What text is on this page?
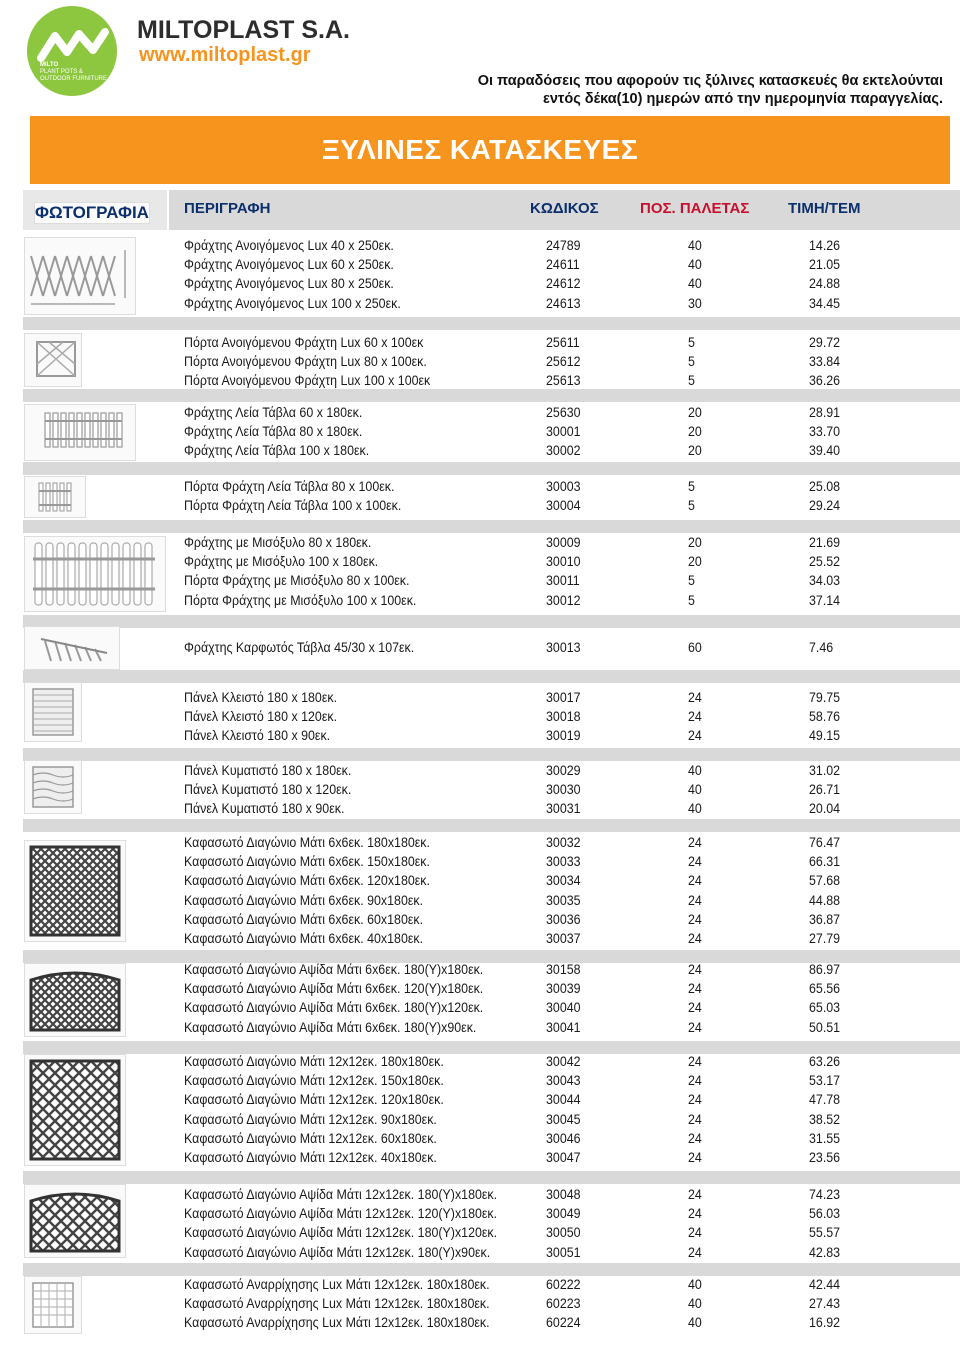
MILTO
PLANT POTS &
OUTDOOR FURNITURE
MILTOPLAST S.A.
www.miltoplast.gr
Οι παραδόσεις που αφορούν τις ξύλινες κατασκευές θα εκτελούνται
εντός δέκα(10) ημερών από την ημερομηνία παραγγελίας.
ΞΥΛΙΝΕΣ ΚΑΤΑΣΚΕΥΕΣ
ΦΩΤΟΓΡΑΦΙΑ ΠΕΡΙΓΡΑΦΗ	ΚΩΔΙΚΟΣ	ΠΟΣ. ΠΑΛΕΤΑΣ	ΤΙΜΗ/ΤΕΜ
Φράχτης Ανοιγόμενος Lux 40 x 250εκ.	24789	40	14.26
Φράχτης Ανοιγόμενος Lux 60 x 250εκ.	24611	40	21.05
Φράχτης Ανοιγόμενος Lux 80 x 250εκ.	24612	40	24.88
Φράχτης Ανοιγόμενος Lux 100 x 250εκ.	24613	30	34.45
Πόρτα Ανοιγόμενου Φράχτη Lux 60 x 100εκ	25611	5	29.72
Πόρτα Ανοιγόμενου Φράχτη Lux 80 x 100εκ.	25612	5	33.84
Πόρτα Ανοιγόμενου Φράχτη Lux 100 x 100εκ	25613	5	36.26
Φράχτης Λεία Τάβλα 60 x 180εκ.	25630	20	28.91
Φράχτης Λεία Τάβλα 80 x 180εκ.	30001	20	33.70
Φράχτης Λεία Τάβλα 100 x 180εκ.	30002	20	39.40
Πόρτα Φράχτη Λεία Τάβλα 80 x 100εκ.	30003	5	25.08
Πόρτα Φράχτη Λεία Τάβλα 100 x 100εκ.	30004	5	29.24
Φράχτης με Μισόξυλο 80 x 180εκ.	30009	20	21.69
Φράχτης με Μισόξυλο 100 x 180εκ.	30010	20	25.52
Πόρτα Φράχτης με Μισόξυλο 80 x 100εκ.	30011	5	34.03
Πόρτα Φράχτης με Μισόξυλο 100 x 100εκ.	30012	5	37.14
Φράχτης Καρφωτός Τάβλα 45/30 x 107εκ.	30013	60	7.46
Πάνελ Κλειστό 180 x 180εκ.	30017	24	79.75
Πάνελ Κλειστό 180 x 120εκ.	30018	24	58.76
Πάνελ Κλειστό 180 x 90εκ.	30019	24	49.15
Πάνελ Κυματιστό 180 x 180εκ.	30029	40	31.02
Πάνελ Κυματιστό 180 x 120εκ.	30030	40	26.71
Πάνελ Κυματιστό 180 x 90εκ.	30031	40	20.04
Καφασωτό Διαγώνιο Μάτι 6x6εκ. 180x180εκ.	30032	24	76.47
Καφασωτό Διαγώνιο Μάτι 6x6εκ. 150x180εκ.	30033	24	66.31
Καφασωτό Διαγώνιο Μάτι 6x6εκ. 120x180εκ.	30034	24	57.68
Καφασωτό Διαγώνιο Μάτι 6x6εκ. 90x180εκ.	30035	24	44.88
Καφασωτό Διαγώνιο Μάτι 6x6εκ. 60x180εκ.	30036	24	36.87
Καφασωτό Διαγώνιο Μάτι 6x6εκ. 40x180εκ.	30037	24	27.79
Καφασωτό Διαγώνιο Αψίδα Μάτι 6x6εκ. 180(Y)x180εκ.	30158	24	86.97
Καφασωτό Διαγώνιο Αψίδα Μάτι 6x6εκ. 120(Y)x180εκ.	30039	24	65.56
Καφασωτό Διαγώνιο Αψίδα Μάτι 6x6εκ. 180(Y)x120εκ.	30040	24	65.03
Καφασωτό Διαγώνιο Αψίδα Μάτι 6x6εκ. 180(Y)x90εκ.	30041	24	50.51
Καφασωτό Διαγώνιο Μάτι 12x12εκ. 180x180εκ.	30042	24	63.26
Καφασωτό Διαγώνιο Μάτι 12x12εκ. 150x180εκ.	30043	24	53.17
Καφασωτό Διαγώνιο Μάτι 12x12εκ. 120x180εκ.	30044	24	47.78
Καφασωτό Διαγώνιο Μάτι 12x12εκ. 90x180εκ.	30045	24	38.52
Καφασωτό Διαγώνιο Μάτι 12x12εκ. 60x180εκ.	30046	24	31.55
Καφασωτό Διαγώνιο Μάτι 12x12εκ. 40x180εκ.	30047	24	23.56
Καφασωτό Διαγώνιο Αψίδα Μάτι 12x12εκ. 180(Y)x180εκ.	30048	24	74.23
Καφασωτό Διαγώνιο Αψίδα Μάτι 12x12εκ. 120(Y)x180εκ.	30049	24	56.03
Καφασωτό Διαγώνιο Αψίδα Μάτι 12x12εκ. 180(Y)x120εκ.	30050	24	55.57
Καφασωτό Διαγώνιο Αψίδα Μάτι 12x12εκ. 180(Y)x90εκ.	30051	24	42.83
Καφασωτό Αναρρίχησης Lux Μάτι 12x12εκ. 180x180εκ.	60222	40	42.44
Καφασωτό Αναρρίχησης Lux Μάτι 12x12εκ. 180x180εκ.	60223	40	27.43
Καφασωτό Αναρρίχησης Lux Μάτι 12x12εκ. 180x180εκ.	60224	40	16.92
